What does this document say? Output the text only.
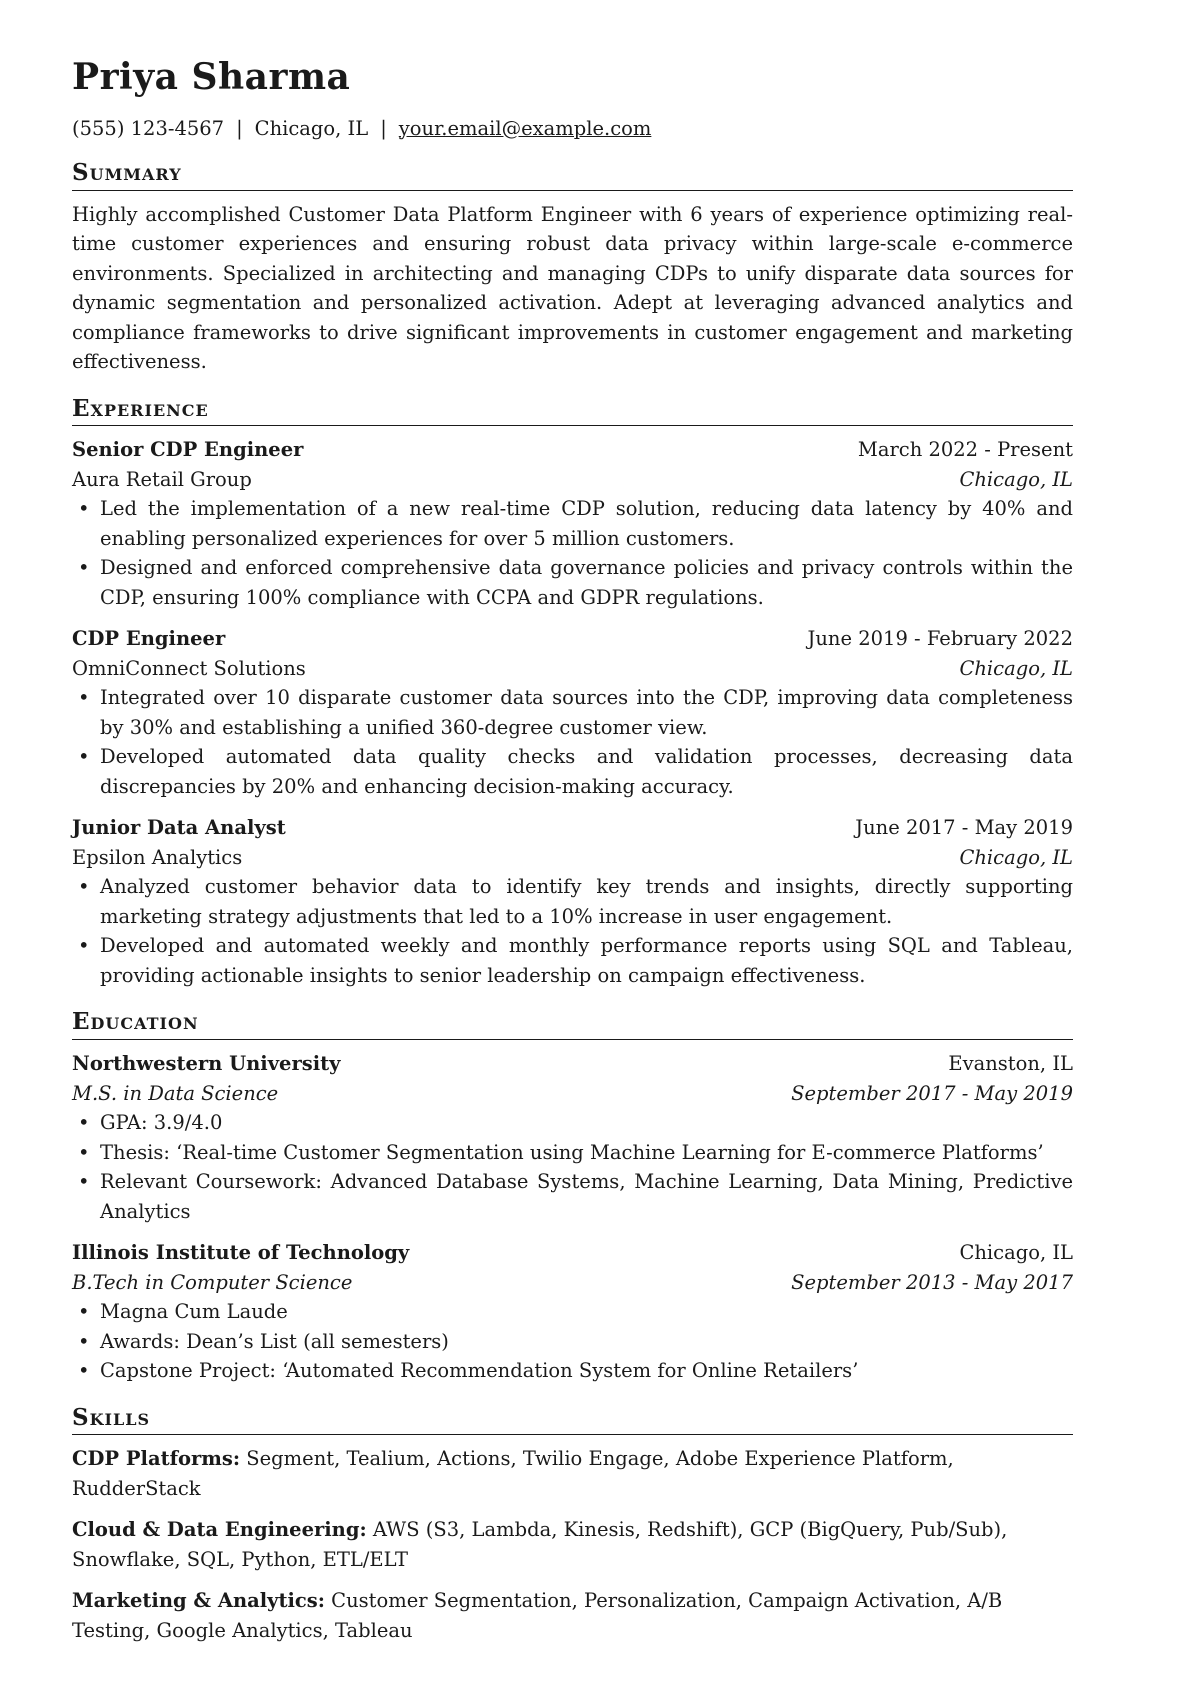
Priya Sharma
(555) 123-4567 | Chicago, IL | your.email@example.com
Summary
Highly accomplished Customer Data Platform Engineer with 6 years of experience optimizing real-time customer experiences and ensuring robust data privacy within large-scale e-commerce environments. Specialized in architecting and managing CDPs to unify disparate data sources for dynamic segmentation and personalized activation. Adept at leveraging advanced analytics and compliance frameworks to drive significant improvements in customer engagement and marketing effectiveness.
Experience
Senior CDP Engineer	March 2022 - Present
Aura Retail Group	Chicago, IL
• Led the implementation of a new real-time CDP solution, reducing data latency by 40% and enabling personalized experiences for over 5 million customers.
• Designed and enforced comprehensive data governance policies and privacy controls within the CDP, ensuring 100% compliance with CCPA and GDPR regulations.
CDP Engineer	June 2019 - February 2022
OmniConnect Solutions	Chicago, IL
• Integrated over 10 disparate customer data sources into the CDP, improving data completeness by 30% and establishing a unified 360-degree customer view.
• Developed automated data quality checks and validation processes, decreasing data discrepancies by 20% and enhancing decision-making accuracy.
Junior Data Analyst	June 2017 - May 2019
Epsilon Analytics	Chicago, IL
• Analyzed customer behavior data to identify key trends and insights, directly supporting marketing strategy adjustments that led to a 10% increase in user engagement.
• Developed and automated weekly and monthly performance reports using SQL and Tableau, providing actionable insights to senior leadership on campaign effectiveness.
Education
Northwestern University	Evanston, IL
M.S. in Data Science	September 2017 - May 2019
• GPA: 3.9/4.0
• Thesis: ‘Real-time Customer Segmentation using Machine Learning for E-commerce Platforms’
• Relevant Coursework: Advanced Database Systems, Machine Learning, Data Mining, Predictive Analytics
Illinois Institute of Technology	Chicago, IL
B.Tech in Computer Science	September 2013 - May 2017
• Magna Cum Laude
• Awards: Dean’s List (all semesters)
• Capstone Project: ‘Automated Recommendation System for Online Retailers’
Skills
CDP Platforms: Segment, Tealium, Actions, Twilio Engage, Adobe Experience Platform, RudderStack
Cloud & Data Engineering: AWS (S3, Lambda, Kinesis, Redshift), GCP (BigQuery, Pub/Sub), Snowflake, SQL, Python, ETL/ELT
Marketing & Analytics: Customer Segmentation, Personalization, Campaign Activation, A/B Testing, Google Analytics, Tableau
